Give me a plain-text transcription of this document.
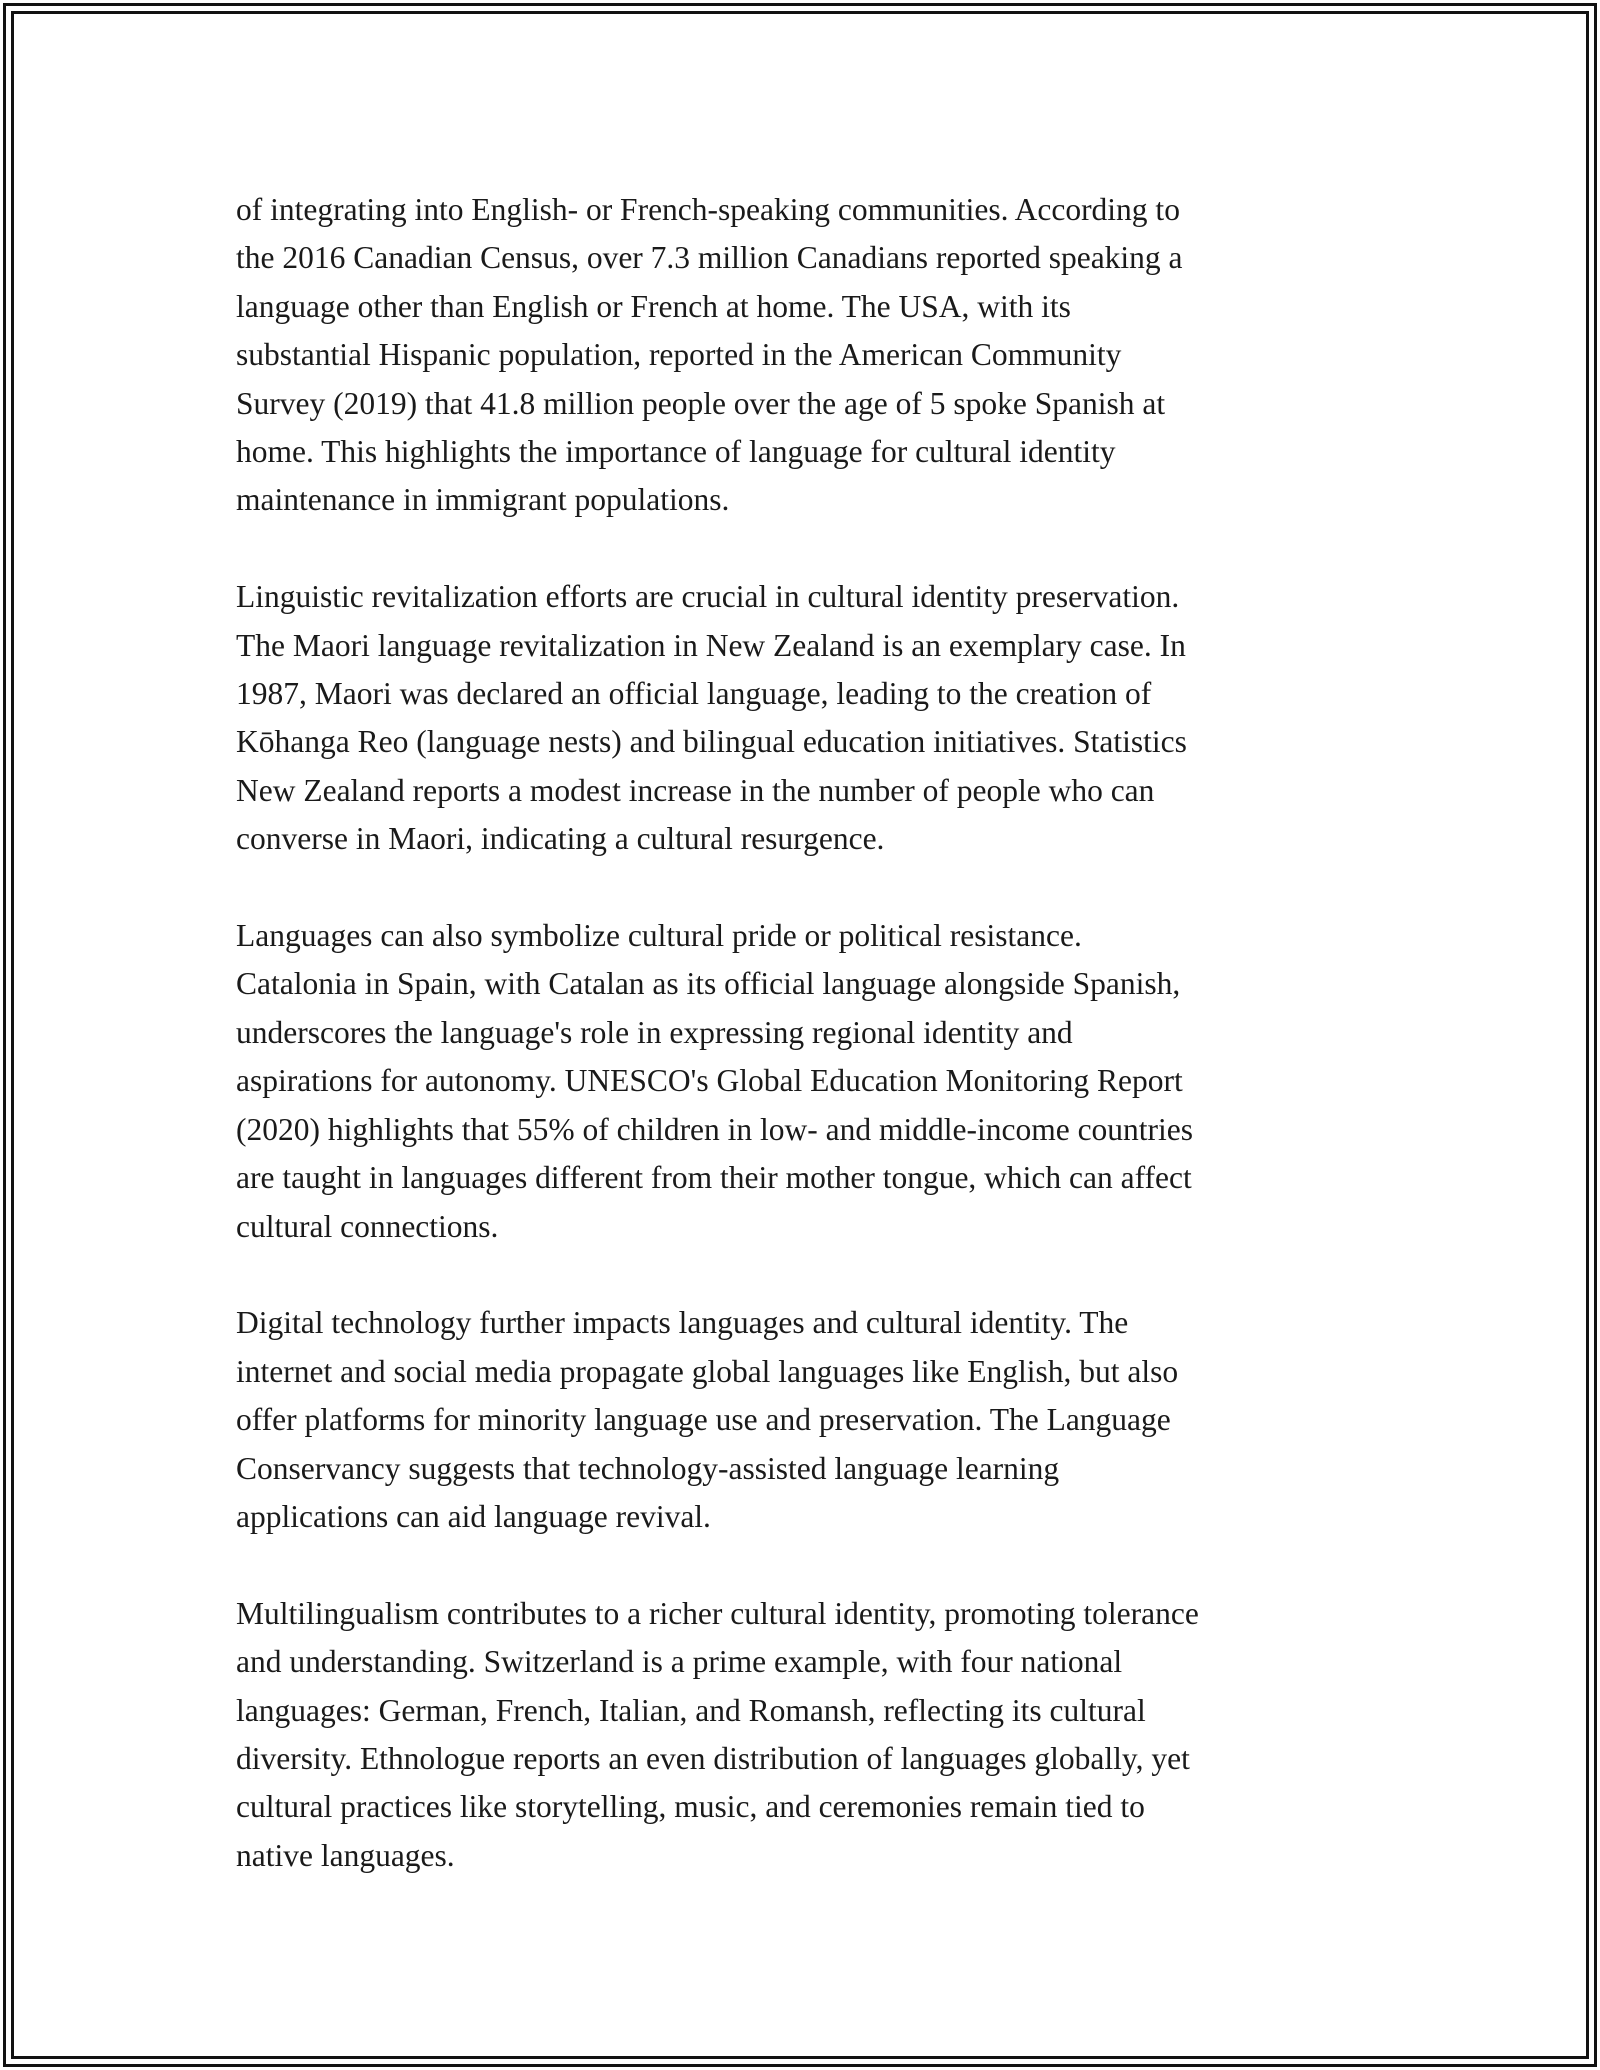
of integrating into English- or French-speaking communities. According to
the 2016 Canadian Census, over 7.3 million Canadians reported speaking a
language other than English or French at home. The USA, with its
substantial Hispanic population, reported in the American Community
Survey (2019) that 41.8 million people over the age of 5 spoke Spanish at
home. This highlights the importance of language for cultural identity
maintenance in immigrant populations.

Linguistic revitalization efforts are crucial in cultural identity preservation.
The Maori language revitalization in New Zealand is an exemplary case. In
1987, Maori was declared an official language, leading to the creation of
Kōhanga Reo (language nests) and bilingual education initiatives. Statistics
New Zealand reports a modest increase in the number of people who can
converse in Maori, indicating a cultural resurgence.

Languages can also symbolize cultural pride or political resistance.
Catalonia in Spain, with Catalan as its official language alongside Spanish,
underscores the language's role in expressing regional identity and
aspirations for autonomy. UNESCO's Global Education Monitoring Report
(2020) highlights that 55% of children in low- and middle-income countries
are taught in languages different from their mother tongue, which can affect
cultural connections.

Digital technology further impacts languages and cultural identity. The
internet and social media propagate global languages like English, but also
offer platforms for minority language use and preservation. The Language
Conservancy suggests that technology-assisted language learning
applications can aid language revival.

Multilingualism contributes to a richer cultural identity, promoting tolerance
and understanding. Switzerland is a prime example, with four national
languages: German, French, Italian, and Romansh, reflecting its cultural
diversity. Ethnologue reports an even distribution of languages globally, yet
cultural practices like storytelling, music, and ceremonies remain tied to
native languages.
